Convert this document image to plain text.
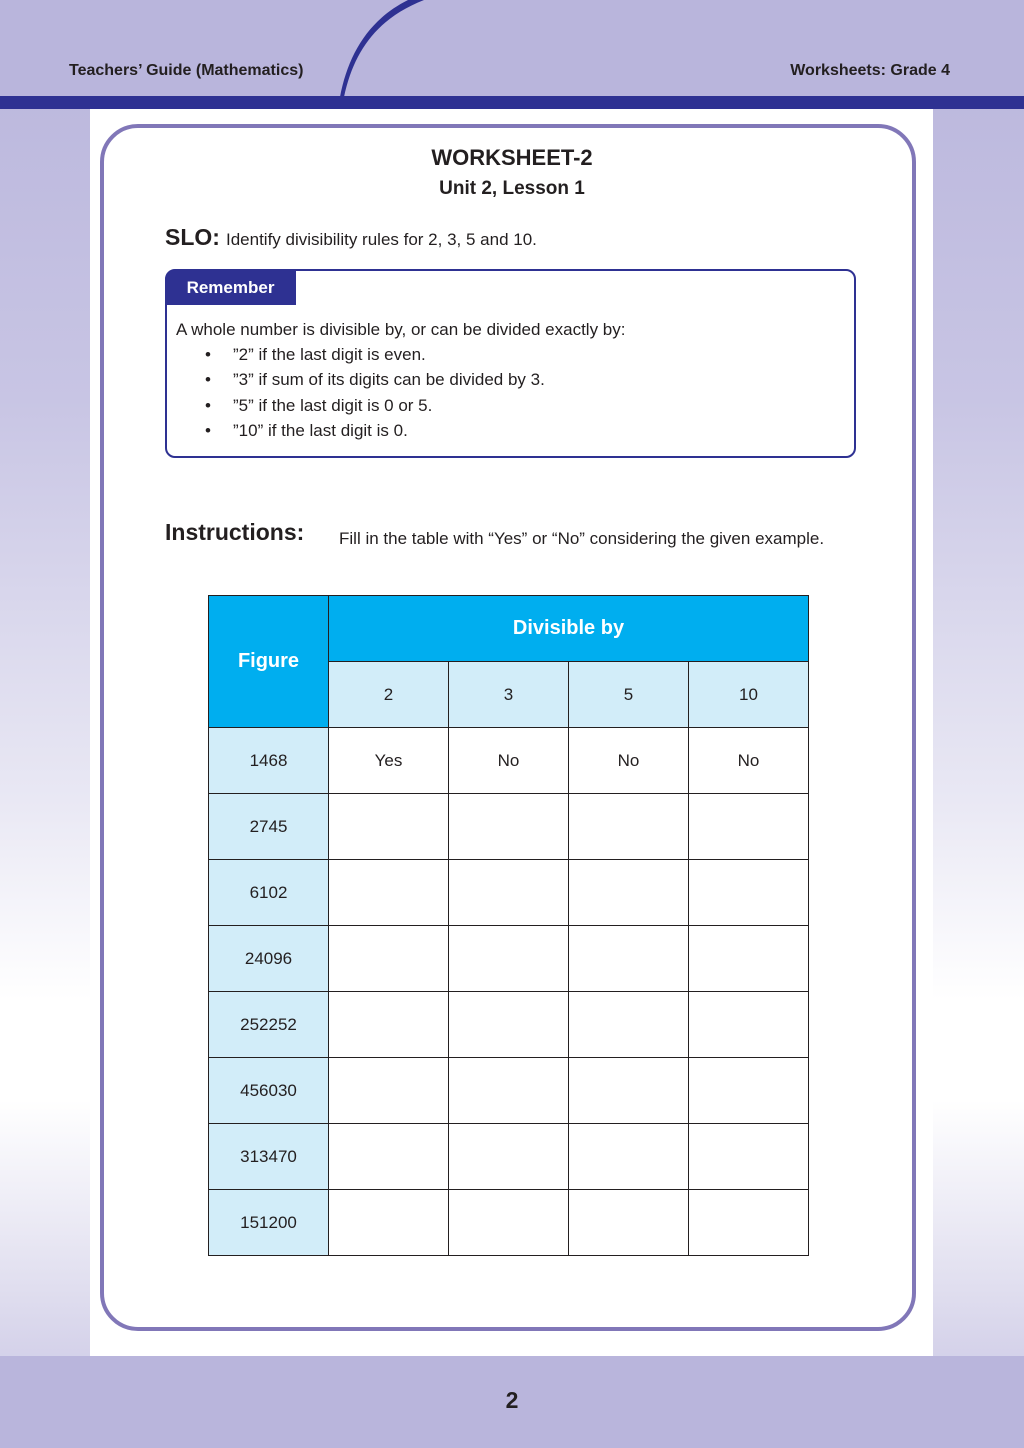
Teachers’ Guide (Mathematics)	Worksheets: Grade 4
WORKSHEET-2
Unit 2, Lesson 1
SLO: Identify divisibility rules for 2, 3, 5 and 10.
Remember
A whole number is divisible by, or can be divided exactly by:
• ”2” if the last digit is even.
• ”3” if sum of its digits can be divided by 3.
• ”5” if the last digit is 0 or 5.
• ”10” if the last digit is 0.
Instructions: Fill in the table with “Yes” or “No” considering the given example.
Figure	Divisible by			
	2	3	5	10
1468	Yes	No	No	No
2745				
6102				
24096				
252252				
456030				
313470				
151200				
2
